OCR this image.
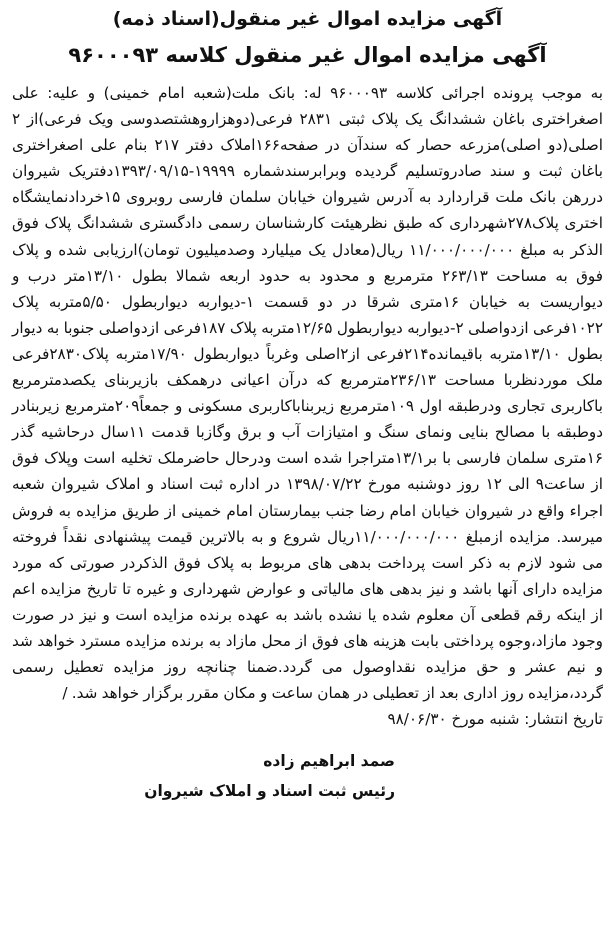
آگهی مزایده اموال غیر منقول(اسناد ذمه)
آگهی مزایده اموال غیر منقول کلاسه ۹۶۰۰۰۹۳

به موجب پرونده اجرائی کلاسه ۹۶۰۰۰۹۳ له: بانک ملت(شعبه امام خمینی) و علیه: علی اصغراختری باغان ششدانگ یک پلاک ثبتی ۲۸۳۱ فرعی(دوهزاروهشتصدوسی ویک فرعی)از ۲ اصلی(دو اصلی)مزرعه حصار که سندآن در صفحه۱۶۶املاک دفتر ۲۱۷ بنام علی اصغراختری باغان ثبت و سند صادروتسلیم گردیده وبرابرسندشماره ۱۹۹۹۹-۱۳۹۳/۰۹/۱۵دفتریک شیروان دررهن بانک ملت قراردارد به آدرس شیروان خیابان سلمان فارسی روبروی ۱۵خردادنمایشگاه اختری پلاک۲۷۸شهرداری که طبق نظرهیئت کارشناسان رسمی دادگستری ششدانگ پلاک فوق الذکر به مبلغ ۱۱/۰۰۰/۰۰۰/۰۰۰ ریال(معادل یک میلیارد وصدمیلیون تومان)ارزیابی شده و پلاک فوق به مساحت ۲۶۳/۱۳ مترمربع و محدود به حدود اربعه شمالا بطول ۱۳/۱۰متر درب و دیواریست به خیابان ۱۶متری شرقا در دو قسمت ۱-دیواربه دیواربطول ۵/۵۰متربه پلاک ۱۰۲۲فرعی ازدواصلی ۲-دیواربه دیواربطول ۱۲/۶۵متربه پلاک ۱۸۷فرعی ازدواصلی جنوبا به دیوار بطول ۱۳/۱۰متربه باقیمانده۲۱۴فرعی از۲اصلی وغرباً دیواربطول ۱۷/۹۰متربه پلاک۲۸۳۰فرعی ملک موردنظربا مساحت ۲۳۶/۱۳مترمربع که درآن اعیانی درهمکف بازیربنای یکصدمترمربع باکاربری تجاری ودرطبقه اول ۱۰۹مترمربع زیربناباکاربری مسکونی و جمعاً۲۰۹مترمربع زیربنادر دوطبقه با مصالح بنایی ونمای سنگ و امتیازات آب و برق وگازبا قدمت ۱۱سال درحاشیه گذر ۱۶متری سلمان فارسی با بر۱۳/۱متراجرا شده است ودرحال حاضرملک تخلیه است وپلاک فوق از ساعت۹ الی ۱۲ روز دوشنبه مورخ ۱۳۹۸/۰۷/۲۲ در اداره ثبت اسناد و املاک شیروان شعبه اجراء واقع در شیروان خیابان امام رضا جنب بیمارستان امام خمینی از طریق مزایده به فروش میرسد. مزایده ازمبلغ ۱۱/۰۰۰/۰۰۰/۰۰۰ریال شروع و به بالاترین قیمت پیشنهادی نقداً فروخته می شود لازم به ذکر است پرداخت بدهی های مربوط به پلاک فوق الذکردر صورتی که مورد مزایده دارای آنها باشد و نیز بدهی های مالیاتی و عوارض شهرداری و غیره تا تاریخ مزایده اعم از اینکه رقم قطعی آن معلوم شده یا نشده باشد به عهده برنده مزایده است و نیز در صورت وجود مازاد،وجوه پرداختی بابت هزینه های فوق از محل مازاد به برنده مزایده مسترد خواهد شد و نیم عشر و حق مزایده نقداوصول می گردد.ضمنا چنانچه روز مزایده تعطیل رسمی گردد،مزایده روز اداری بعد از تعطیلی در همان ساعت و مکان مقرر برگزار خواهد شد. /

تاریخ انتشار: شنبه مورخ ۹۸/۰۶/۳۰

صمد ابراهیم زاده

رئیس ثبت اسناد و املاک شیروان
